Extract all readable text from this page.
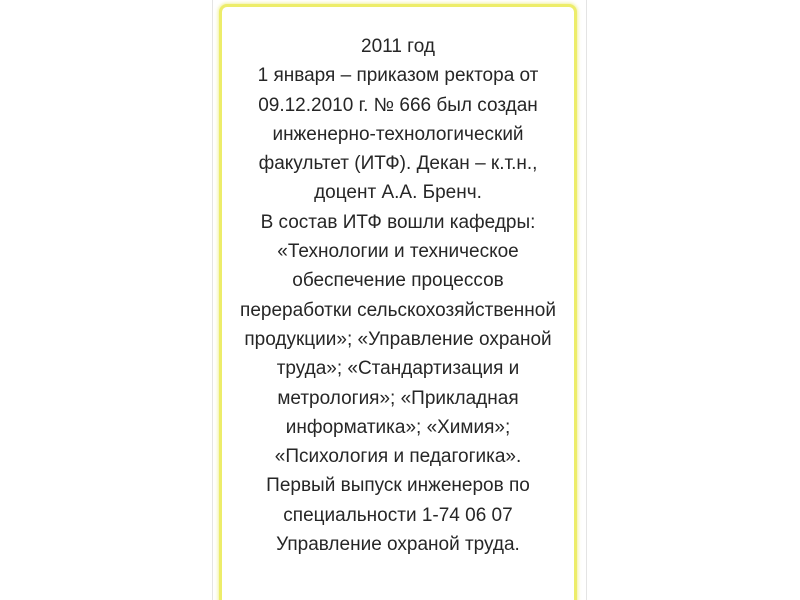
2011 год
1 января – приказом ректора от
09.12.2010 г. № 666 был создан
инженерно-технологический
факультет (ИТФ). Декан – к.т.н.,
доцент А.А. Бренч.
В состав ИТФ вошли кафедры:
«Технологии и техническое
обеспечение процессов
переработки сельскохозяйственной
продукции»; «Управление охраной
труда»; «Стандартизация и
метрология»; «Прикладная
информатика»; «Химия»;
«Психология и педагогика».
Первый выпуск инженеров по
специальности 1-74 06 07
Управление охраной труда.
